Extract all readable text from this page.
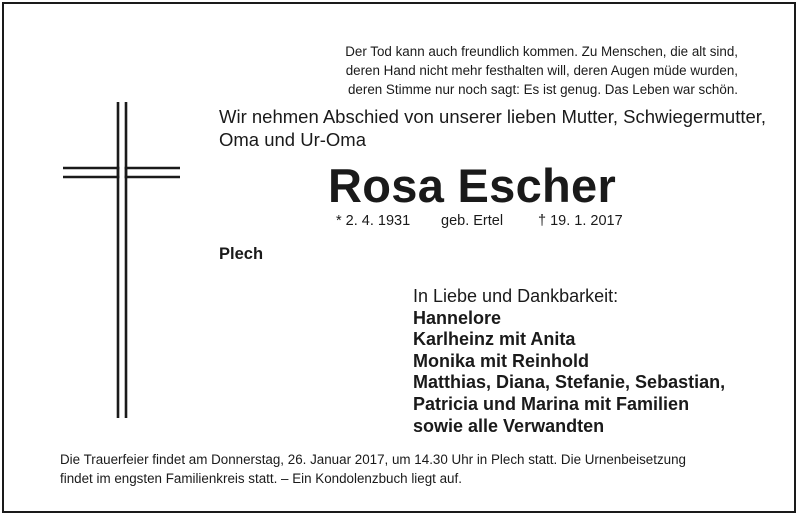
Der Tod kann auch freundlich kommen. Zu Menschen, die alt sind,
deren Hand nicht mehr festhalten will, deren Augen müde wurden,
deren Stimme nur noch sagt: Es ist genug. Das Leben war schön.
Wir nehmen Abschied von unserer lieben Mutter, Schwiegermutter,
Oma und Ur-Oma
Rosa Escher
* 2. 4. 1931 geb. Ertel † 19. 1. 2017
Plech
In Liebe und Dankbarkeit:
Hannelore
Karlheinz mit Anita
Monika mit Reinhold
Matthias, Diana, Stefanie, Sebastian,
Patricia und Marina mit Familien
sowie alle Verwandten
Die Trauerfeier findet am Donnerstag, 26. Januar 2017, um 14.30 Uhr in Plech statt. Die Urnenbeisetzung
findet im engsten Familienkreis statt. – Ein Kondolenzbuch liegt auf.
